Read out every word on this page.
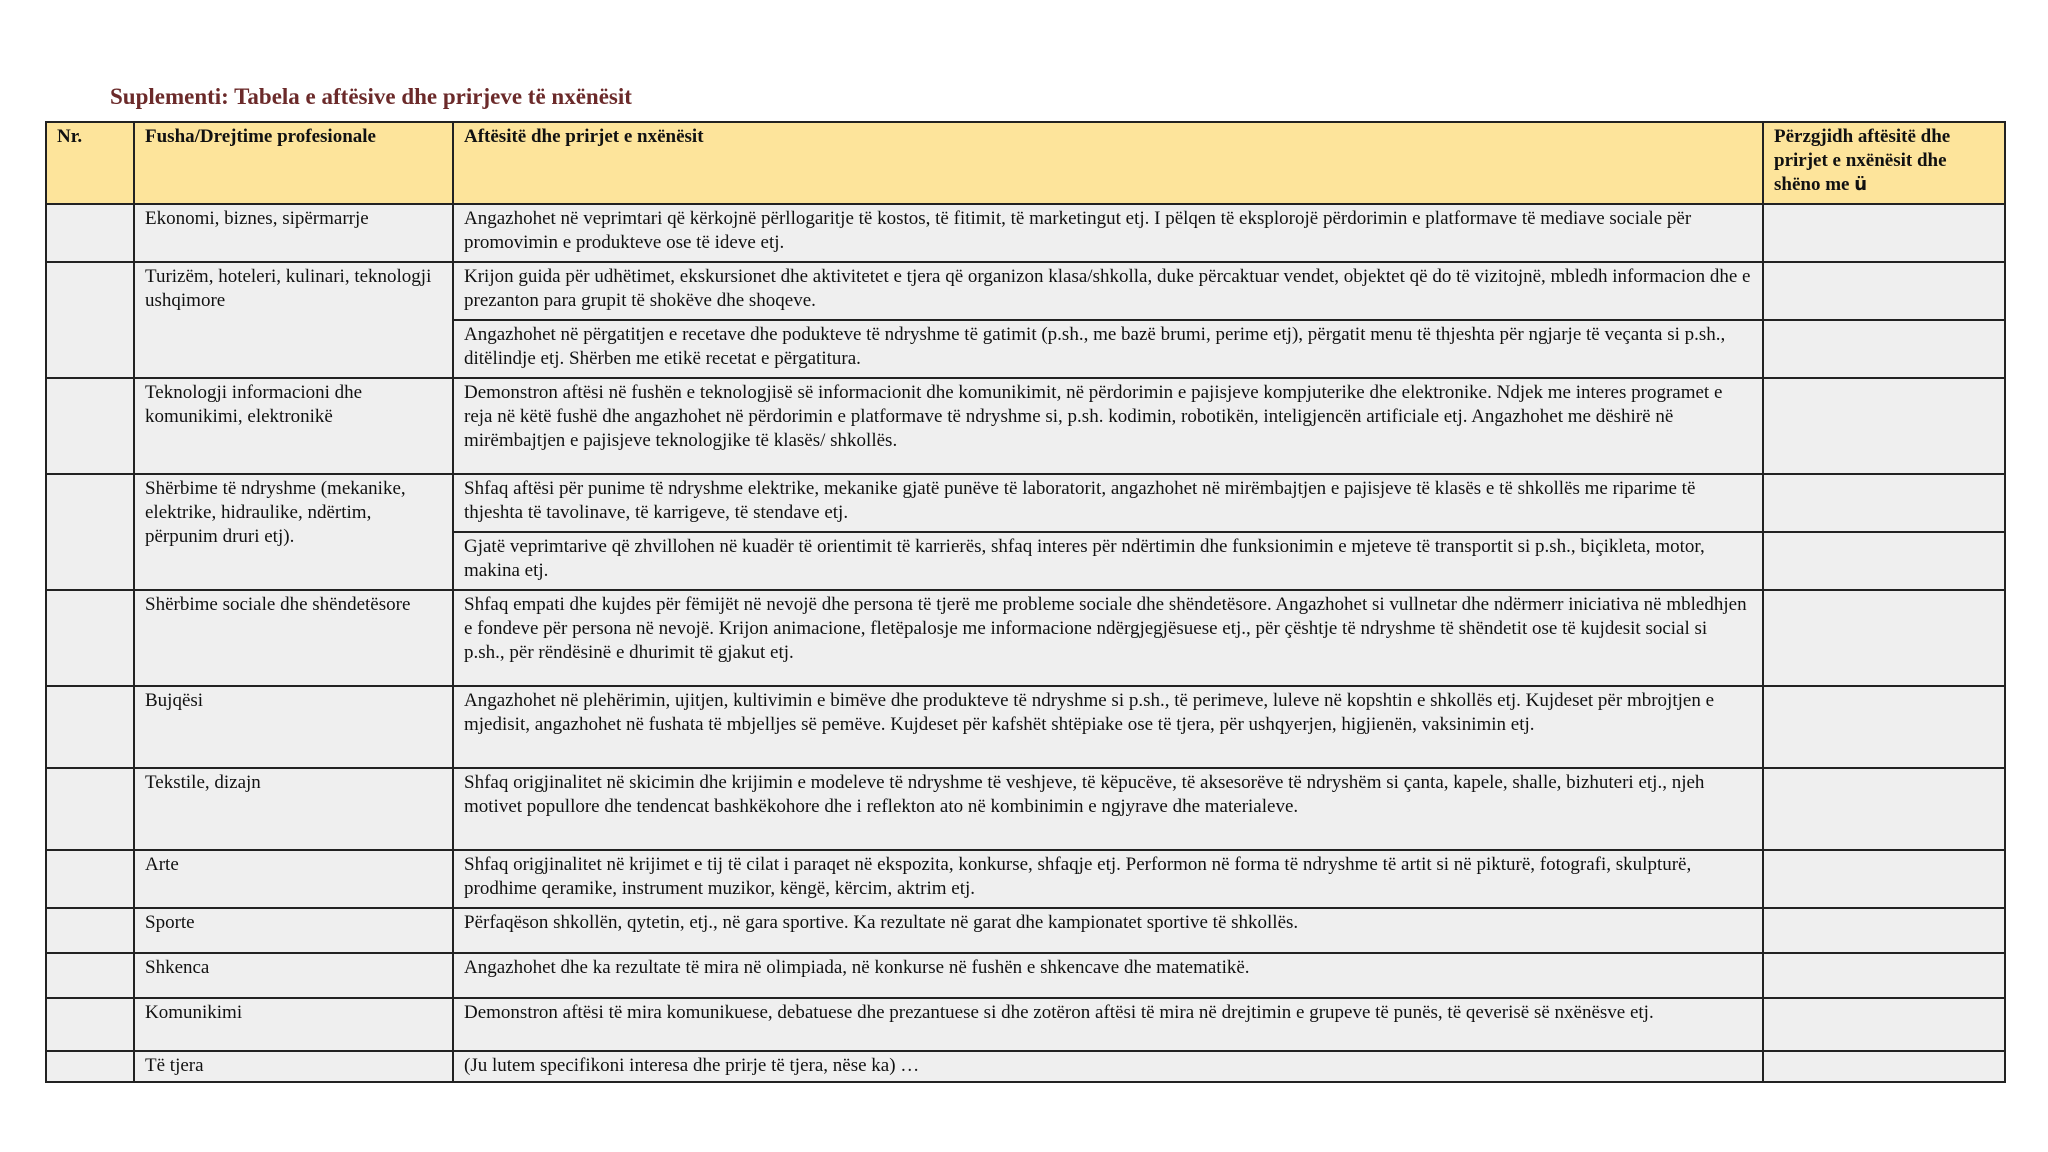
Suplementi: Tabela e aftësive dhe prirjeve të nxënësit
Nr.	Fusha/Drejtime profesionale	Aftësitë dhe prirjet e nxënësit	Përzgjidh aftësitë dhe prirjet e nxënësit dhe shëno me ü
	Ekonomi, biznes, sipërmarrje	Angazhohet në veprimtari që kërkojnë përllogaritje të kostos, të fitimit, të marketingut etj. I pëlqen të eksplorojë përdorimin e platformave të mediave sociale për promovimin e produkteve ose të ideve etj.	
	Turizëm, hoteleri, kulinari, teknologji ushqimore	Krijon guida për udhëtimet, ekskursionet dhe aktivitetet e tjera që organizon klasa/shkolla, duke përcaktuar vendet, objektet që do të vizitojnë, mbledh informacion dhe e prezanton para grupit të shokëve dhe shoqeve.	
		Angazhohet në përgatitjen e recetave dhe podukteve të ndryshme të gatimit (p.sh., me bazë brumi, perime etj), përgatit menu të thjeshta për ngjarje të veçanta si p.sh., ditëlindje etj. Shërben me etikë recetat e përgatitura.	
	Teknologji informacioni dhe komunikimi, elektronikë	Demonstron aftësi në fushën e teknologjisë së informacionit dhe komunikimit, në përdorimin e pajisjeve kompjuterike dhe elektronike. Ndjek me interes programet e reja në këtë fushë dhe angazhohet në përdorimin e platformave të ndryshme si, p.sh. kodimin, robotikën, inteligjencën artificiale etj. Angazhohet me dëshirë në mirëmbajtjen e pajisjeve teknologjike të klasës/ shkollës.	
	Shërbime të ndryshme (mekanike, elektrike, hidraulike, ndërtim, përpunim druri etj).	Shfaq aftësi për punime të ndryshme elektrike, mekanike gjatë punëve të laboratorit, angazhohet në mirëmbajtjen e pajisjeve të klasës e të shkollës me riparime të thjeshta të tavolinave, të karrigeve, të stendave etj.	
		Gjatë veprimtarive që zhvillohen në kuadër të orientimit të karrierës, shfaq interes për ndërtimin dhe funksionimin e mjeteve të transportit si p.sh., biçikleta, motor, makina etj.	
	Shërbime sociale dhe shëndetësore	Shfaq empati dhe kujdes për fëmijët në nevojë dhe persona të tjerë me probleme sociale dhe shëndetësore. Angazhohet si vullnetar dhe ndërmerr iniciativa në mbledhjen e fondeve për persona në nevojë. Krijon animacione, fletëpalosje me informacione ndërgjegjësuese etj., për çështje të ndryshme të shëndetit ose të kujdesit social si p.sh., për rëndësinë e dhurimit të gjakut etj.	
	Bujqësi	Angazhohet në plehërimin, ujitjen, kultivimin e bimëve dhe produkteve të ndryshme si p.sh., të perimeve, luleve në kopshtin e shkollës etj. Kujdeset për mbrojtjen e mjedisit, angazhohet në fushata të mbjelljes së pemëve. Kujdeset për kafshët shtëpiake ose të tjera, për ushqyerjen, higjienën, vaksinimin etj.	
	Tekstile, dizajn	Shfaq origjinalitet në skicimin dhe krijimin e modeleve të ndryshme të veshjeve, të këpucëve, të aksesorëve të ndryshëm si çanta, kapele, shalle, bizhuteri etj., njeh motivet popullore dhe tendencat bashkëkohore dhe i reflekton ato në kombinimin e ngjyrave dhe materialeve.	
	Arte	Shfaq origjinalitet në krijimet e tij të cilat i paraqet në ekspozita, konkurse, shfaqje etj. Performon në forma të ndryshme të artit si në pikturë, fotografi, skulpturë, prodhime qeramike, instrument muzikor, këngë, kërcim, aktrim etj.	
	Sporte	Përfaqëson shkollën, qytetin, etj., në gara sportive. Ka rezultate në garat dhe kampionatet sportive të shkollës.	
	Shkenca	Angazhohet dhe ka rezultate të mira në olimpiada, në konkurse në fushën e shkencave dhe matematikë.	
	Komunikimi	Demonstron aftësi të mira komunikuese, debatuese dhe prezantuese si dhe zotëron aftësi të mira në drejtimin e grupeve të punës, të qeverisë së nxënësve etj.	
	Të tjera	(Ju lutem specifikoni interesa dhe prirje të tjera, nëse ka) …	
